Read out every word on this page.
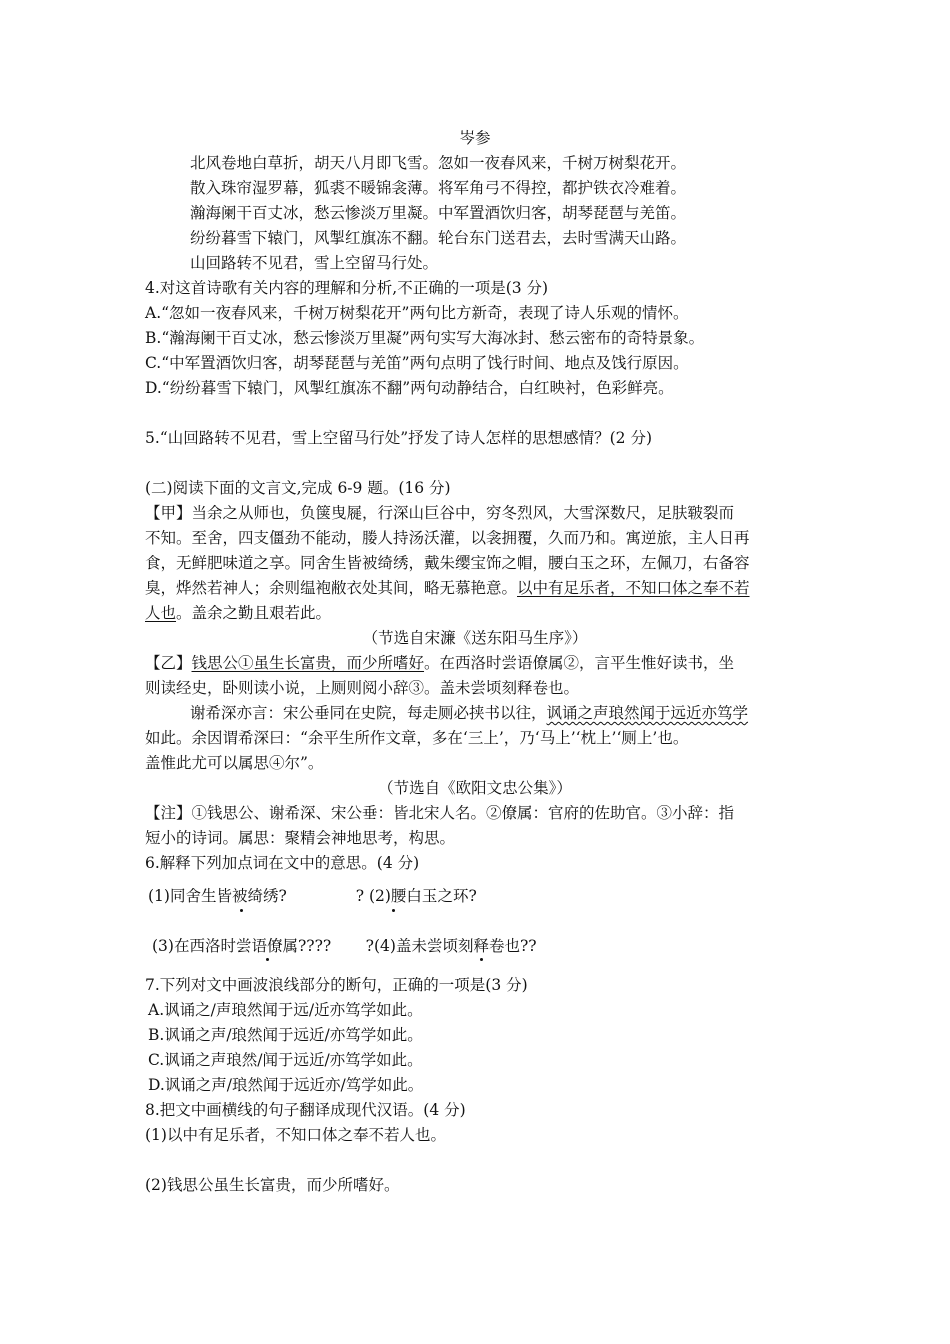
岑参
北风卷地白草折，胡天八月即飞雪。忽如一夜春风来，千树万树梨花开。
散入珠帘湿罗幕，狐裘不暖锦衾薄。将军角弓不得控，都护铁衣冷难着。
瀚海阑干百丈冰，愁云惨淡万里凝。中军置酒饮归客，胡琴琵琶与羌笛。
纷纷暮雪下辕门，风掣红旗冻不翻。轮台东门送君去，去时雪满天山路。
山回路转不见君，雪上空留马行处。
4.对这首诗歌有关内容的理解和分析,不正确的一项是(3 分)
A.“忽如一夜春风来，千树万树梨花开”两句比方新奇，表现了诗人乐观的情怀。
B.“瀚海阑干百丈冰，愁云惨淡万里凝”两句实写大海冰封、愁云密布的奇特景象。
C.“中军置酒饮归客，胡琴琵琶与羌笛”两句点明了饯行时间、地点及饯行原因。
D.“纷纷暮雪下辕门，风掣红旗冻不翻”两句动静结合，白红映衬，色彩鲜亮。
5.“山回路转不见君，雪上空留马行处”抒发了诗人怎样的思想感情？(2 分)
(二)阅读下面的文言文,完成 6-9 题。(16 分)
【甲】当余之从师也，负箧曳屣，行深山巨谷中，穷冬烈风，大雪深数尺，足肤皲裂而
不知。至舍，四支僵劲不能动，媵人持汤沃灌，以衾拥覆，久而乃和。寓逆旅，主人日再
食，无鲜肥味道之享。同舍生皆被绮绣，戴朱缨宝饰之帽，腰白玉之环，左佩刀，右备容
臭，烨然若神人；余则缊袍敝衣处其间，略无慕艳意。以中有足乐者，不知口体之奉不若
人也。盖余之勤且艰若此。
（节选自宋濂《送东阳马生序》）
【乙】钱思公①虽生长富贵，而少所嗜好。在西洛时尝语僚属②，言平生惟好读书，坐
则读经史，卧则读小说，上厕则阅小辞③。盖未尝顷刻释卷也。
谢希深亦言：宋公垂同在史院，每走厕必挟书以往，讽诵之声琅然闻于远近亦笃学
如此。余因谓希深曰：“余平生所作文章，多在‘三上’，乃‘马上’‘枕上’‘厕上’也。
盖惟此尤可以属思④尔”。
（节选自《欧阳文忠公集》）
【注】①钱思公、谢希深、宋公垂：皆北宋人名。②僚属：官府的佐助官。③小辞：指
短小的诗词。属思：聚精会神地思考，构思。
6.解释下列加点词在文中的意思。(4 分)
(1)同舍生皆被绮绣?              ? (2)腰白玉之环?
(3)在西洛时尝语僚属????       ?(4)盖未尝顷刻释卷也??
7.下列对文中画波浪线部分的断句，正确的一项是(3 分)
A.讽诵之/声琅然闻于远/近亦笃学如此。
B.讽诵之声/琅然闻于远近/亦笃学如此。
C.讽诵之声琅然/闻于远近/亦笃学如此。
D.讽诵之声/琅然闻于远近亦/笃学如此。
8.把文中画横线的句子翻译成现代汉语。(4 分)
(1)以中有足乐者，不知口体之奉不若人也。
(2)钱思公虽生长富贵，而少所嗜好。
